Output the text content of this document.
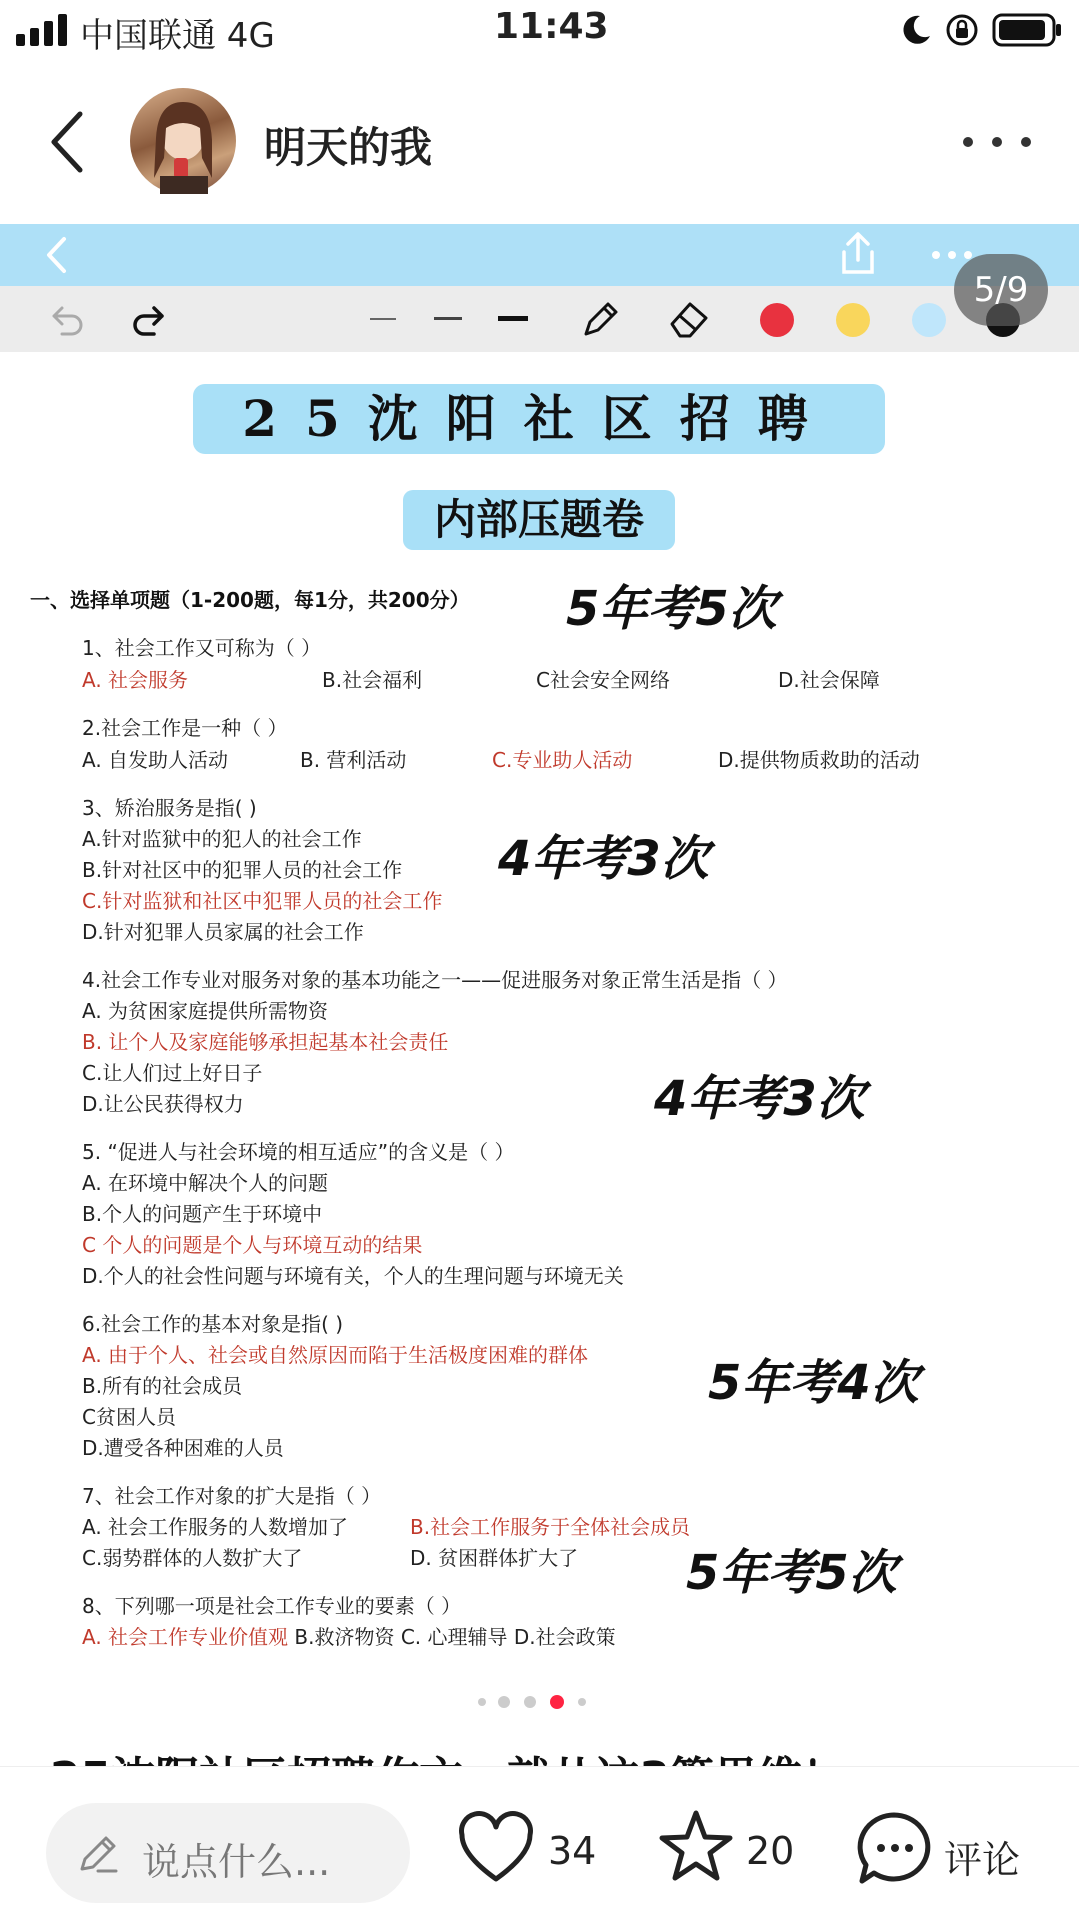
中国联通 4G	11:43
明天的我
5/9
25沈阳社区招聘
内部压题卷
一、选择单项题（1-200题，每1分，共200分）
1、社会工作又可称为（ ）
A. 社会服务	B.社会福利	C社会安全网络	D.社会保障
2.社会工作是一种（ ）
A. 自发助人活动	B. 营利活动	C.专业助人活动	D.提供物质救助的活动
3、矫治服务是指( )
A.针对监狱中的犯人的社会工作
B.针对社区中的犯罪人员的社会工作
C.针对监狱和社区中犯罪人员的社会工作
D.针对犯罪人员家属的社会工作
4.社会工作专业对服务对象的基本功能之一——促进服务对象正常生活是指（ ）
A. 为贫困家庭提供所需物资
B. 让个人及家庭能够承担起基本社会责任
C.让人们过上好日子
D.让公民获得权力
5. “促进人与社会环境的相互适应”的含义是（ ）
A. 在环境中解决个人的问题
B.个人的问题产生于环境中
C 个人的问题是个人与环境互动的结果
D.个人的社会性问题与环境有关，个人的生理问题与环境无关
6.社会工作的基本对象是指( )
A. 由于个人、社会或自然原因而陷于生活极度困难的群体
B.所有的社会成员
C贫困人员
D.遭受各种困难的人员
7、社会工作对象的扩大是指（ ）
A. 社会工作服务的人数增加了	B.社会工作服务于全体社会成员
C.弱势群体的人数扩大了	D. 贫困群体扩大了
8、下列哪一项是社会工作专业的要素（ ）
A. 社会工作专业价值观 B.救济物资 C. 心理辅导 D.社会政策
5年考5次
4年考3次
4年考3次
5年考4次
5年考5次
说点什么...	34	20	评论
